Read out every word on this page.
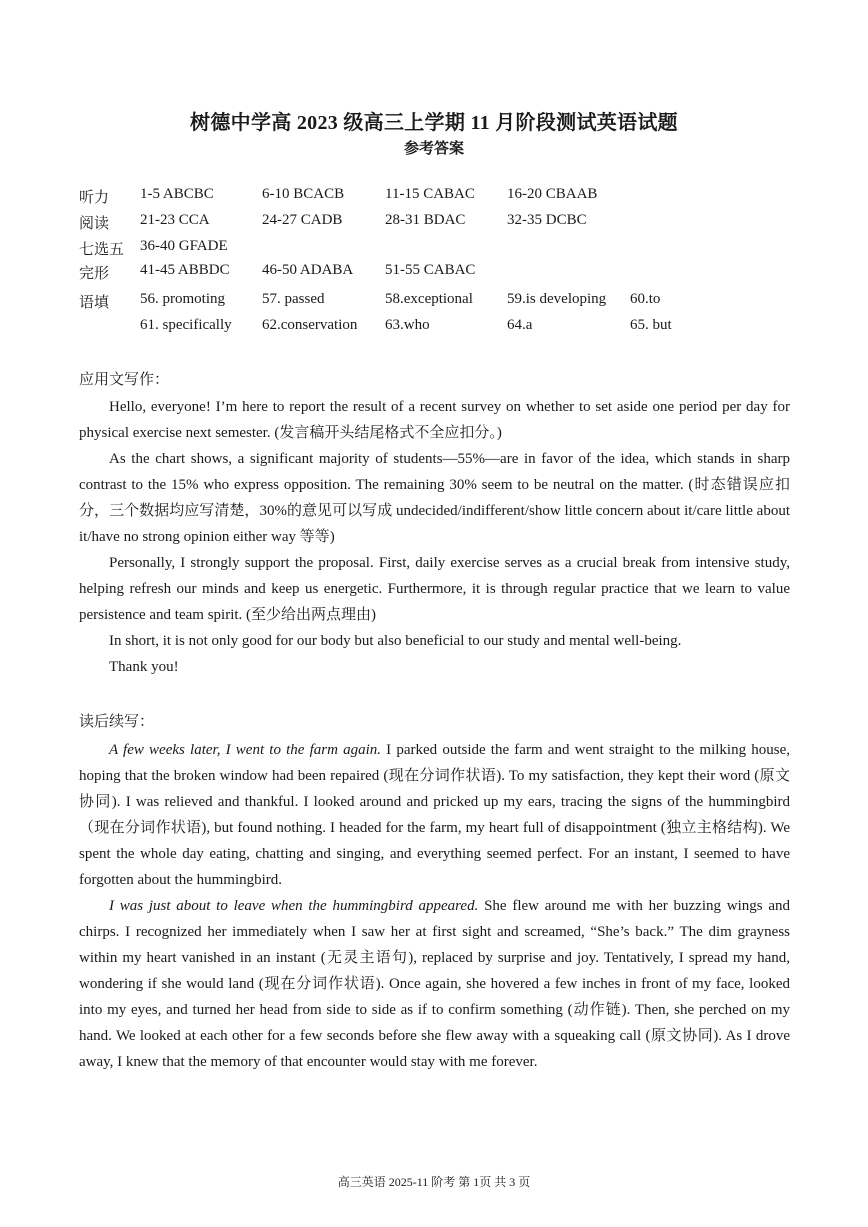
树德中学高 2023 级高三上学期 11 月阶段测试英语试题
参考答案
听力 1-5 ABCBC	6-10 BCACB	11-15 CABAC 16-20 CBAAB
阅读 21-23 CCA	24-27 CADB	28-31 BDAC	32-35 DCBC
七选五 36-40 GFADE
完形 41-45 ABBDC 46-50 ADABA 51-55 CABAC
语填 56. promoting 57. passed	58.exceptional 59.is developing 60.to
61. specifically 62.conservation 63.who	64.a	65. but
应用文写作：

Hello, everyone! I’m here to report the result of a recent survey on whether to set aside one period per day for physical exercise next semester. (发言稿开头结尾格式不全应扣分。)

As the chart shows, a significant majority of students—55%—are in favor of the idea, which stands in sharp contrast to the 15% who express opposition. The remaining 30% seem to be neutral on the matter. (时态错误应扣分，三个数据均应写清楚，30%的意见可以写成 undecided/indifferent/show little concern about it/care little about it/have no strong opinion either way 等等)

Personally, I strongly support the proposal. First, daily exercise serves as a crucial break from intensive study, helping refresh our minds and keep us energetic. Furthermore, it is through regular practice that we learn to value persistence and team spirit. (至少给出两点理由)

In short, it is not only good for our body but also beneficial to our study and mental well-being.

Thank you!

读后续写：

A few weeks later, I went to the farm again. I parked outside the farm and went straight to the milking house, hoping that the broken window had been repaired (现在分词作状语). To my satisfaction, they kept their word (原文协同). I was relieved and thankful. I looked around and pricked up my ears, tracing the signs of the hummingbird（现在分词作状语), but found nothing. I headed for the farm, my heart full of disappointment (独立主格结构). We spent the whole day eating, chatting and singing, and everything seemed perfect. For an instant, I seemed to have forgotten about the hummingbird.

I was just about to leave when the hummingbird appeared. She flew around me with her buzzing wings and chirps. I recognized her immediately when I saw her at first sight and screamed, “She’s back.” The dim grayness within my heart vanished in an instant (无灵主语句), replaced by surprise and joy. Tentatively, I spread my hand, wondering if she would land (现在分词作状语). Once again, she hovered a few inches in front of my face, looked into my eyes, and turned her head from side to side as if to confirm something (动作链). Then, she perched on my hand. We looked at each other for a few seconds before she flew away with a squeaking call (原文协同). As I drove away, I knew that the memory of that encounter would stay with me forever.

高三英语 2025-11 阶考 第 1页 共 3 页
